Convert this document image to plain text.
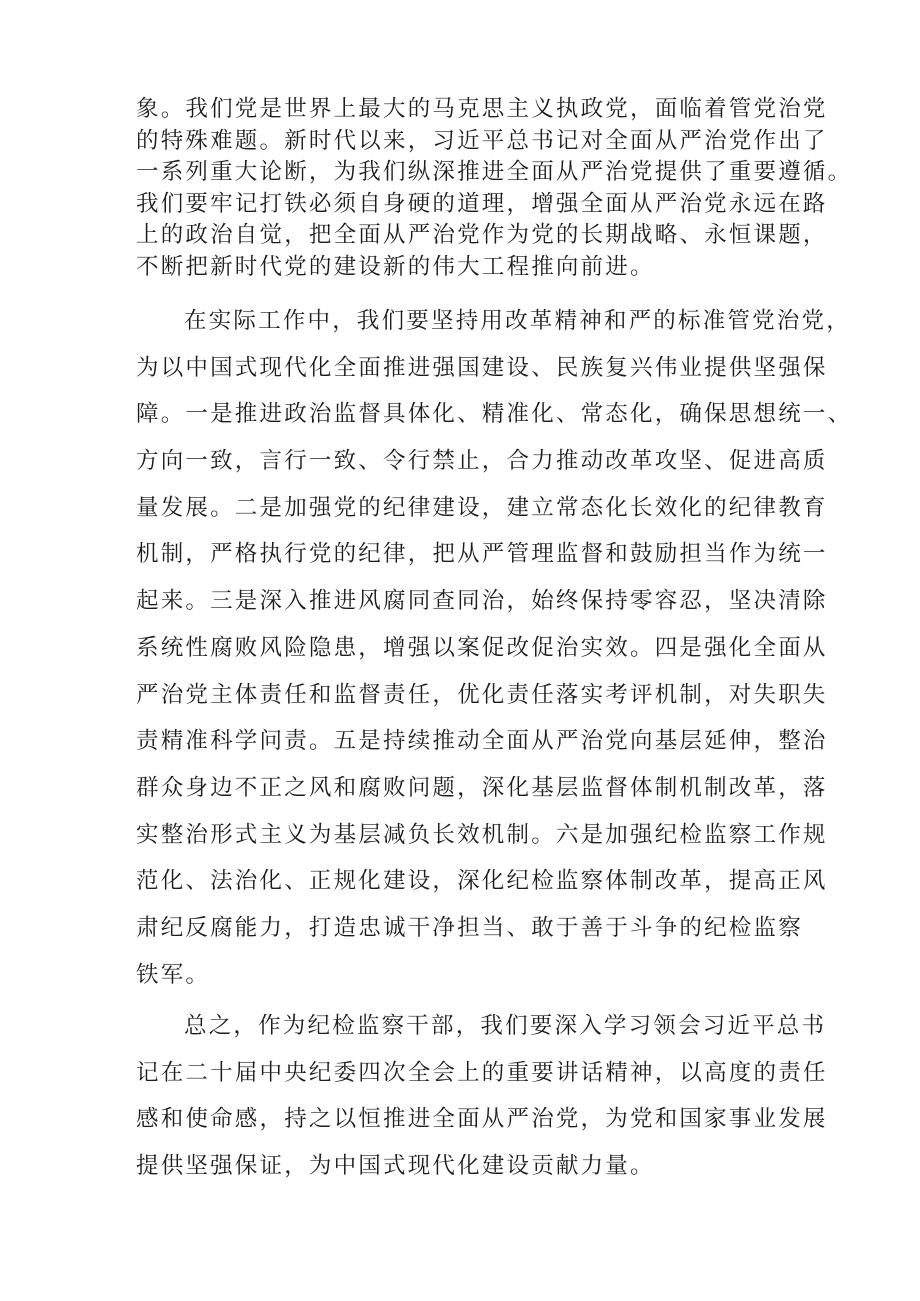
象。我们党是世界上最大的马克思主义执政党，面临着管党治党
的特殊难题。新时代以来，习近平总书记对全面从严治党作出了
一系列重大论断，为我们纵深推进全面从严治党提供了重要遵循。
我们要牢记打铁必须自身硬的道理，增强全面从严治党永远在路
上的政治自觉，把全面从严治党作为党的长期战略、永恒课题，
不断把新时代党的建设新的伟大工程推向前进。
在实际工作中，我们要坚持用改革精神和严的标准管党治党，
为以中国式现代化全面推进强国建设、民族复兴伟业提供坚强保
障。一是推进政治监督具体化、精准化、常态化，确保思想统一、
方向一致，言行一致、令行禁止，合力推动改革攻坚、促进高质
量发展。二是加强党的纪律建设，建立常态化长效化的纪律教育
机制，严格执行党的纪律，把从严管理监督和鼓励担当作为统一
起来。三是深入推进风腐同查同治，始终保持零容忍，坚决清除
系统性腐败风险隐患，增强以案促改促治实效。四是强化全面从
严治党主体责任和监督责任，优化责任落实考评机制，对失职失
责精准科学问责。五是持续推动全面从严治党向基层延伸，整治
群众身边不正之风和腐败问题，深化基层监督体制机制改革，落
实整治形式主义为基层减负长效机制。六是加强纪检监察工作规
范化、法治化、正规化建设，深化纪检监察体制改革，提高正风
肃纪反腐能力，打造忠诚干净担当、敢于善于斗争的纪检监察
铁军。
总之，作为纪检监察干部，我们要深入学习领会习近平总书
记在二十届中央纪委四次全会上的重要讲话精神，以高度的责任
感和使命感，持之以恒推进全面从严治党，为党和国家事业发展
提供坚强保证，为中国式现代化建设贡献力量。
